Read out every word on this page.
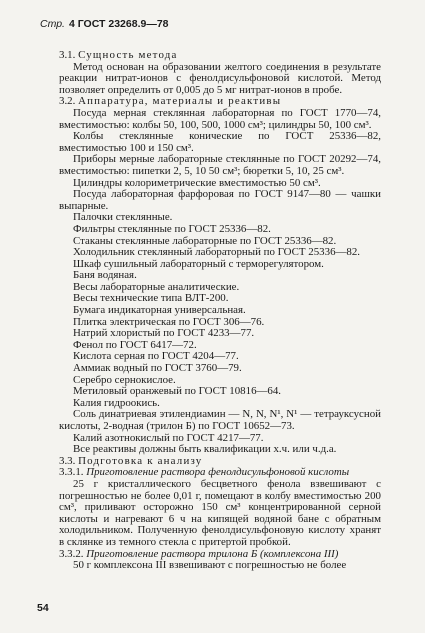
Стр. 4 ГОСТ 23268.9—78

3.1. Сущность метода

Метод основан на образовании желтого соединения в результате реакции нитрат-ионов с фенолдисульфоновой кислотой. Метод позволяет определить от 0,005 до 5 мг нитрат-ионов в пробе.

3.2. Аппаратура, материалы и реактивы

Посуда мерная стеклянная лабораторная по ГОСТ 1770—74, вместимостью: колбы 50, 100, 500, 1000 см³; цилиндры 50, 100 см³.

Колбы стеклянные конические по ГОСТ 25336—82, вместимостью 100 и 150 см³.

Приборы мерные лабораторные стеклянные по ГОСТ 20292—74, вместимостью: пипетки 2, 5, 10 50 см³; бюретки 5, 10, 25 см³.

Цилиндры колориметрические вместимостью 50 см³.

Посуда лабораторная фарфоровая по ГОСТ 9147—80 — чашки выпарные.

Палочки стеклянные.

Фильтры стеклянные по ГОСТ 25336—82.

Стаканы стеклянные лабораторные по ГОСТ 25336—82.

Холодильник стеклянный лабораторный по ГОСТ 25336—82.

Шкаф сушильный лабораторный с терморегулятором.

Баня водяная.

Весы лабораторные аналитические.

Весы технические типа ВЛТ-200.

Бумага индикаторная универсальная.

Плитка электрическая по ГОСТ 306—76.

Натрий хлористый по ГОСТ 4233—77.

Фенол по ГОСТ 6417—72.

Кислота серная по ГОСТ 4204—77.

Аммиак водный по ГОСТ 3760—79.

Серебро сернокислое.

Метиловый оранжевый по ГОСТ 10816—64.

Калия гидроокись.

Соль динатриевая этилендиамин — N, N, N¹, N¹ — тетрауксусной кислоты, 2-водная (трилон Б) по ГОСТ 10652—73.

Калий азотнокислый по ГОСТ 4217—77.

Все реактивы должны быть квалификации х.ч. или ч.д.а.

3.3. Подготовка к анализу

3.3.1. Приготовление раствора фенолдисульфоновой кислоты

25 г кристаллического бесцветного фенола взвешивают с погрешностью не более 0,01 г, помещают в колбу вместимостью 200 см³, приливают осторожно 150 см³ концентрированной серной кислоты и нагревают 6 ч на кипящей водяной бане с обратным холодильником. Полученную фенолдисульфоновую кислоту хранят в склянке из темного стекла с притертой пробкой.

3.3.2. Приготовление раствора трилона Б (комплексона III)

50 г комплексона III взвешивают с погрешностью не более

54
